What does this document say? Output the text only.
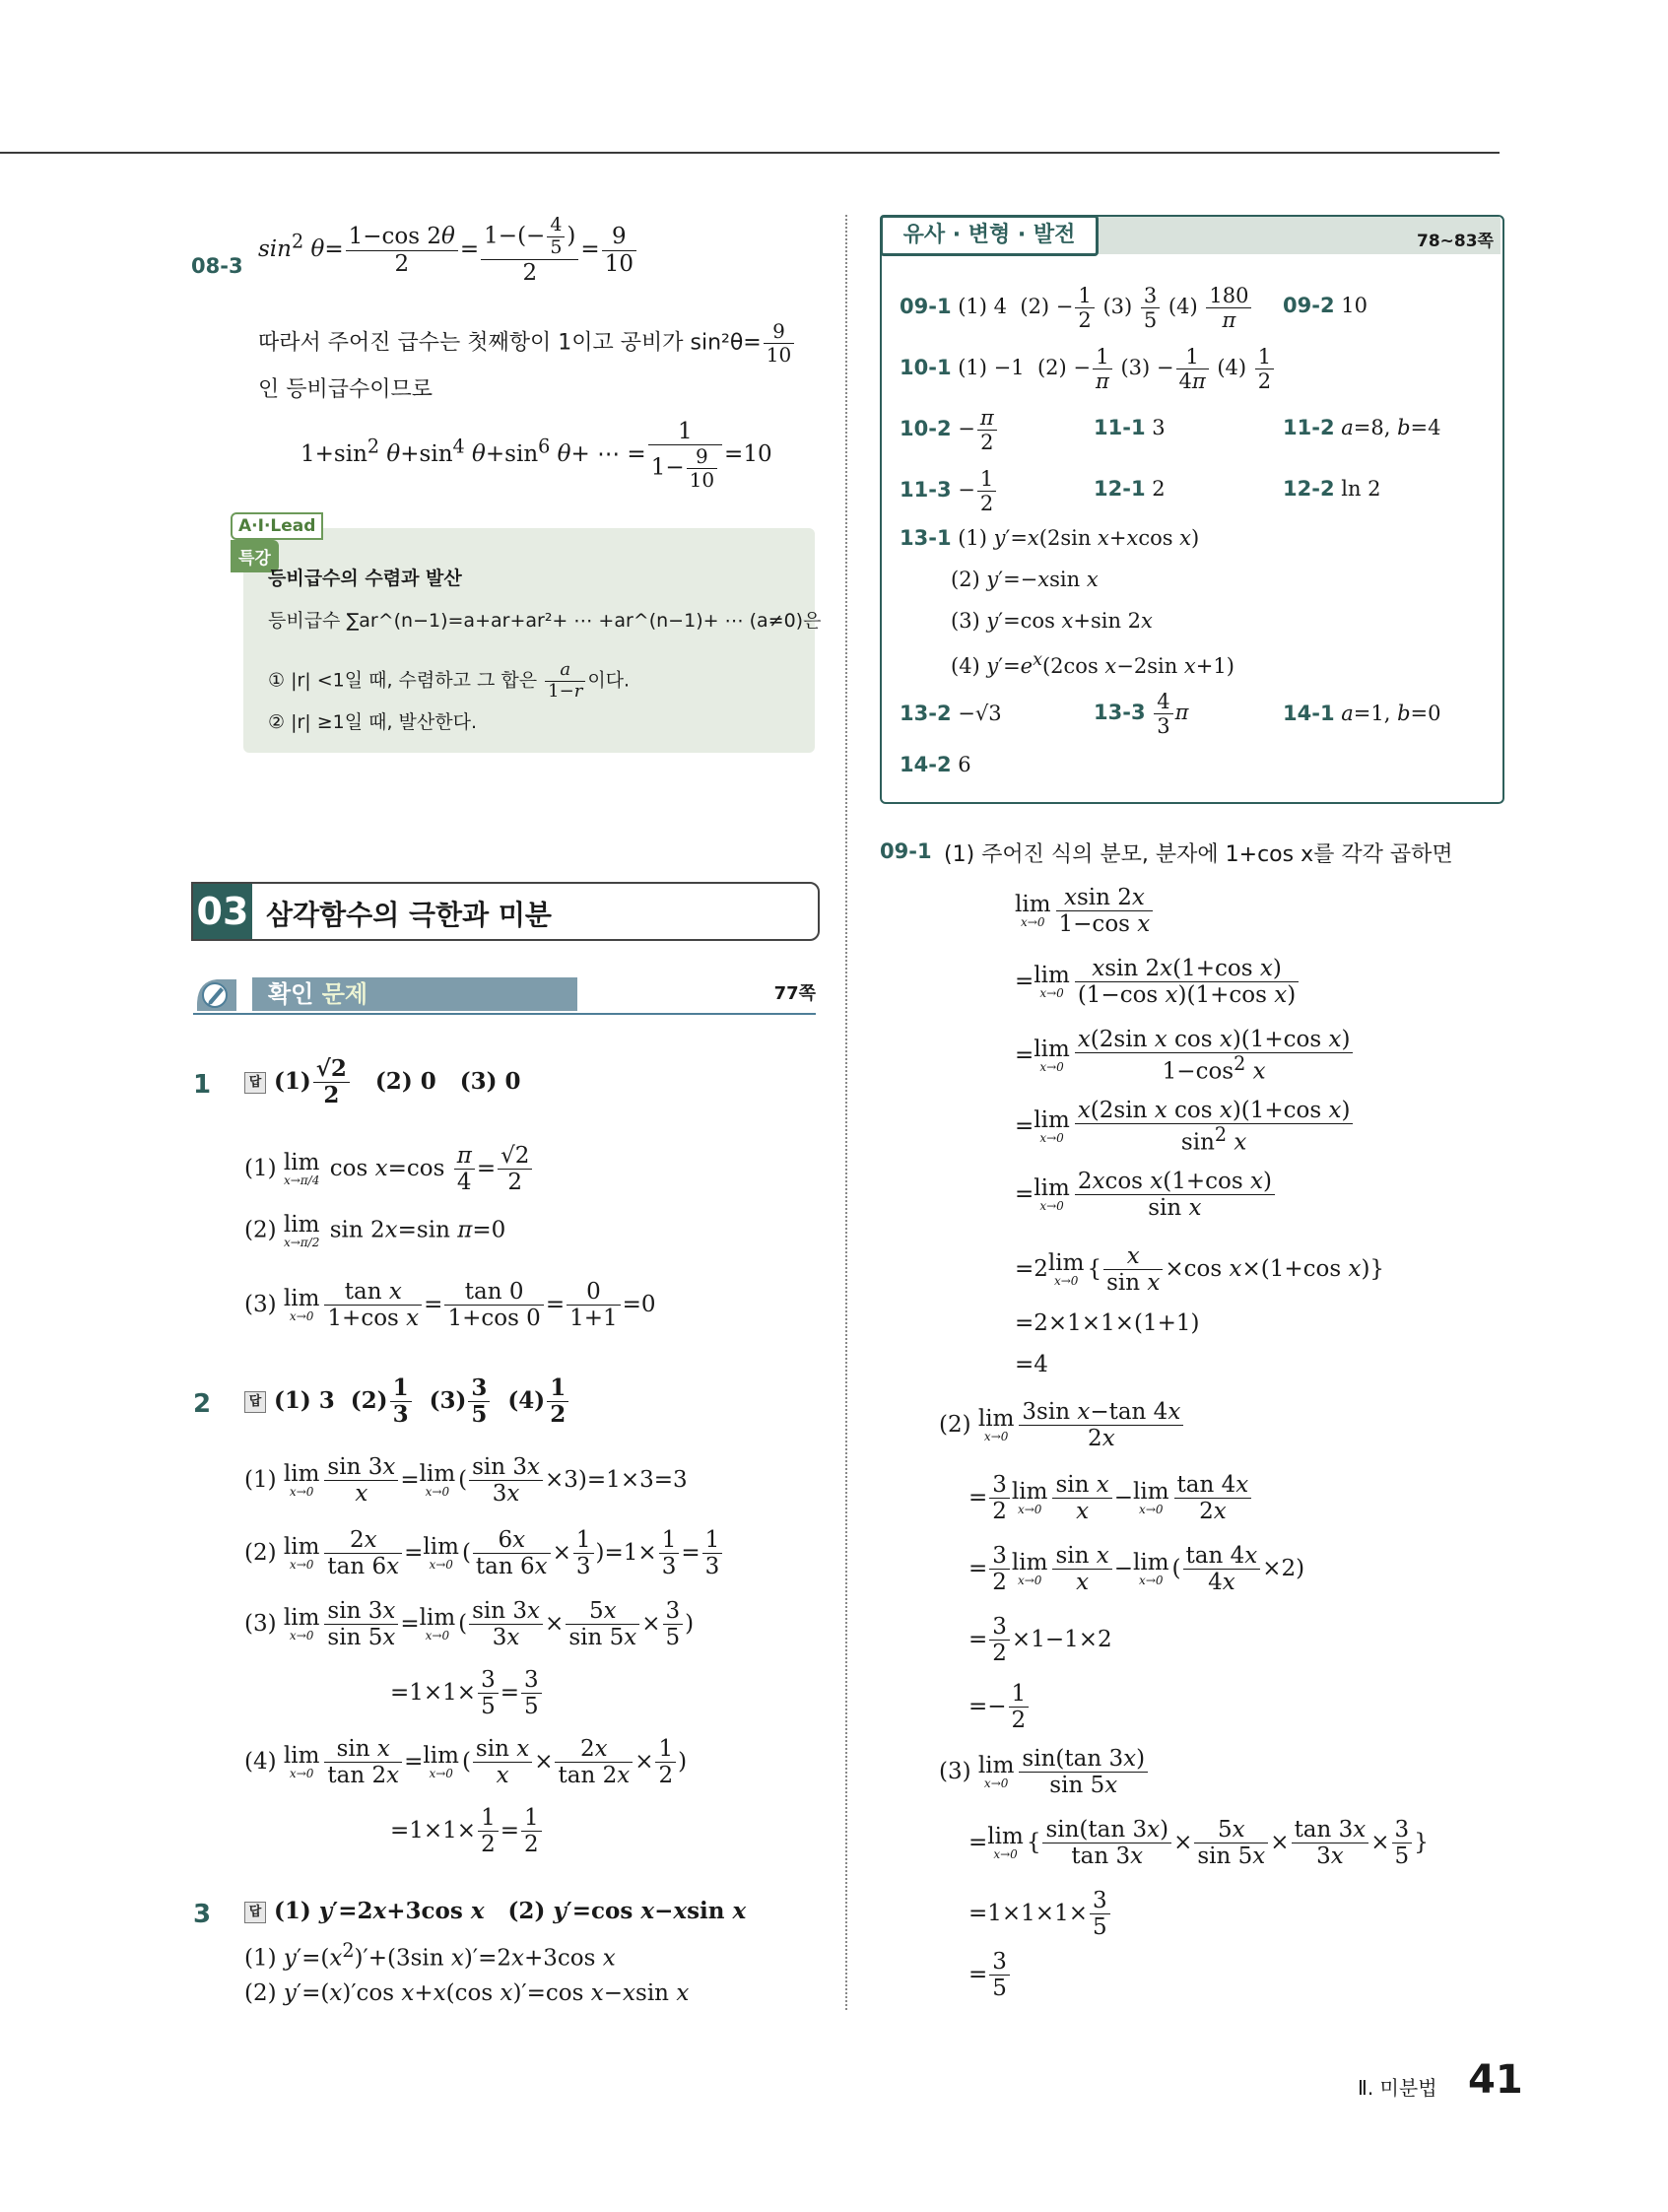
08-3
$\sin^2 \theta= \frac{1-\cos 2\theta}{2} = \frac{1-(- \frac{4}{5} )}{2} = \frac{9}{10}$
따라서 주어진 급수는 첫째항이 1이고 공비가 $\sin^2\theta= \frac{9}{10}$
인 등비급수이므로
$1+\sin^2$ $\theta+\sin^4$ $\theta+\sin^6$ θ+ ⋯ = $\frac{1}{1- \frac{9}{10}} =10$
A·I·Lead특강
등비급수의 수렴과 발산
등비급수 ∑ar^(n−1)=a+ar+ar²+ ⋯ +ar^(n−1)+ ⋯ (a≠0)은
① |r| <1일 때, 수렴하고 그 합은 $\frac{a}{1-r}$ 이다.
② |r| ≥1일 때, 발산한다.
03 삼각함수의 극한과 미분
확인 문제	77쪽
1	답 $(1) \frac{√2}{2} (2)$ 0   (3) 0
(1) lim
x→π/4 $\cos x=\cos \frac{\pi}{4} = \frac{√2}{2}$
(2) lim
x→π/2 sin 2x=sin π=0
(3) lim
$x\to 0 \frac{\text{tan x}}{\text{1+cos x}} = \frac{\tan 0}{1+\cos 0} = \frac{0}{1+1} =0$
2	답 (1) 3  $(2) \frac{1}{3} (3) \frac{3}{5} (4) \frac{1}{2}$
(1) lim
$x\to 0 \frac{\sin 3x}{x} = \lim$
x→0 ( $\frac{\sin 3x}{3x} \times 3)=1\times 3=3$
(2) lim
$x\to 0 \frac{2x}{\tan 6x} = \lim$
x→0 ( $\frac{6x}{\tan 6x} \times \frac{1}{3} )=1\times \frac{1}{3} = \frac{1}{3}$
(3) lim
$x\to 0 \frac{\sin 3x}{\sin 5x} = \lim$
x→0 ( $\frac{\sin 3x}{3x} \times \frac{5x}{\sin 5x} \times \frac{3}{5}$ )
$=1\times 1\times \frac{3}{5} = \frac{3}{5}$
(4) lim
$x\to 0 \frac{\text{sin x}}{\tan 2x} = \lim$
x→0 ( $\frac{\text{sin x}}{x} \times \frac{2x}{\tan 2x} \times \frac{1}{2}$ )
$=1\times 1\times \frac{1}{2} = \frac{1}{2}$
3	답 (1) y′=2x+3cos x   (2) y′=cos x−xsin x
(1) $y'=(x^2)'+(3\sin$ x)′=2x+3cos x
(2) y′=(x)′cos x+x(cos x)′=cos x−xsin x
유사 · 변형 · 발전	78~83쪽
09-1 (1) 4  $(2) - \frac{1}{2} (3) \frac{3}{5} (4) \frac{180}{\pi} 09-2$ 10
10-1 (1) −1  $(2) - \frac{1}{\pi} (3) - \frac{1}{4\pi} (4) \frac{1}{2}$
$10-2 - \frac{\pi}{2}$	11-1 3	11-2 a=8, b=4
$11-3 - \frac{1}{2}$	12-1 2	12-2 ln 2
13-1 (1) y′=x(2sin x+xcos x)
(2) y′=−xsin x
(3) y′=cos x+sin 2x
(4) $y'=e^x(2\cos$ x−2sin x+1)
13-2 −√3	$13-3 \frac{4}{3}$ π	14-1 a=1, b=0
14-2 6
09-1 (1) 주어진 식의 분모, 분자에 1+cos x를 각각 곱하면
lim
$x\to 0 \frac{xsin 2x}{\text{1−cos x}}$
= lim
$x\to 0 \frac{\text{xsin 2x(1+cos x)}}{\text{(1−cos x)(1+cos x)}}$
= lim
$x\to 0 \frac{\text{x(2sin x cos x)(1+cos x)}}{1-\cos^2 x}$
= lim
$x\to 0 \frac{\text{x(2sin x cos x)(1+cos x)}}{\sin^2 x}$
= lim
$x\to 0 \frac{\text{2xcos x(1+cos x)}}{\text{sin x}}$
=2 lim
x→0 { $\frac{x}{\text{sin x}} \times\cos$ x×(1+cos x)}
=2×1×1×(1+1)
=4
(2) lim
$x\to 0 \frac{\text{3sin x−tan 4x}}{2x}$
= $\frac{3}{2}$ lim
$x\to 0 \frac{\text{sin x}}{x} - \lim$
$x\to 0 \frac{\tan 4x}{2x}$
= $\frac{3}{2}$ lim
$x\to 0 \frac{\text{sin x}}{x} - \lim$
x→0 ( $\frac{\tan 4x}{4x} \times 2$)
= $\frac{3}{2} \times 1-1\times 2$
=− $\frac{1}{2}$
(3) lim
$x\to 0 \frac{\sin(\tan 3x)}{\sin 5x}$
= lim
x→0 { $\frac{\sin(\tan 3x)}{\tan 3x} \times \frac{5x}{\sin 5x} \times \frac{\tan 3x}{3x} \times \frac{3}{5}$ }
$=1\times 1\times 1\times \frac{3}{5}$
= $\frac{3}{5}$
Ⅱ. 미분법 41
